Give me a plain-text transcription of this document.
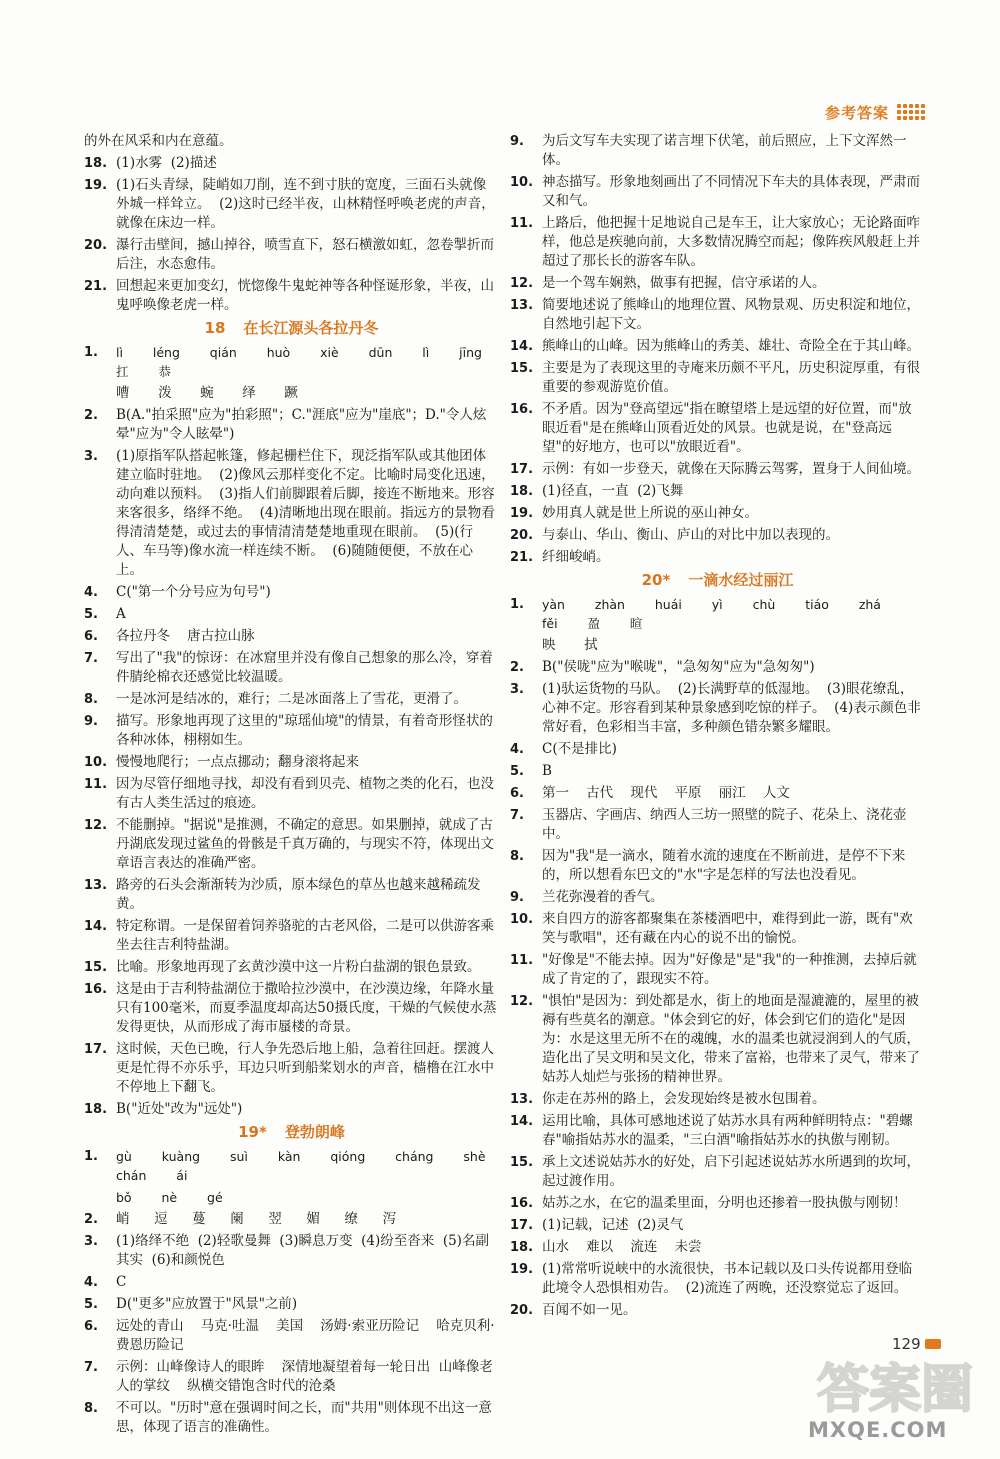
参考答案
的外在风采和内在意蕴。
18. (1)水雾  (2)描述
19. (1)石头青绿，陡峭如刀削，连不到寸肤的宽度，三面石头就像外城一样耸立。  (2)这时已经半夜，山林精怪呼唤老虎的声音，就像在床边一样。
20. 瀑行击壁间，撼山掉谷，喷雪直下，怒石横激如虹，忽卷掣折而后注，水态愈伟。
21. 回想起来更加变幻，恍惚像牛鬼蛇神等各种怪诞形象，半夜，山鬼呼唤像老虎一样。
18 在长江源头各拉丹冬
1.	lì   léng   qián   huò   xiè   dūn   lì   jīng   扛   恭
嘈  泼  蜿  绎  蹶
2.	B(A."拍采照"应为"拍彩照"；C."涯底"应为"崖底"；D."令人炫晕"应为"令人眩晕")
3.	(1)原指军队搭起帐篷，修起栅栏住下，现泛指军队或其他团体建立临时驻地。  (2)像风云那样变化不定。比喻时局变化迅速，动向难以预料。  (3)指人们前脚跟着后脚，接连不断地来。形容来客很多，络绎不绝。  (4)清晰地出现在眼前。指远方的景物看得清清楚楚，或过去的事情清清楚楚地重现在眼前。  (5)(行人、车马等)像水流一样连续不断。  (6)随随便便，不放在心上。
4.	C("第一个分号应为句号")
5.	A
6.	各拉丹冬    唐古拉山脉
7.	写出了"我"的惊讶：在冰窟里并没有像自己想象的那么冷，穿着件腈纶棉衣还感觉比较温暖。
8.	一是冰河是结冰的，难行；二是冰面落上了雪花，更滑了。
9.	描写。形象地再现了这里的"琼瑶仙境"的情景，有着奇形怪状的各种冰体，栩栩如生。
10. 慢慢地爬行；一点点挪动；翻身滚将起来
11. 因为尽管仔细地寻找，却没有看到贝壳、植物之类的化石，也没有古人类生活过的痕迹。
12. 不能删掉。"据说"是推测，不确定的意思。如果删掉，就成了古丹湖底发现过鲨鱼的骨骸是千真万确的，与现实不符，体现出文章语言表达的准确严密。
13. 路旁的石头会渐渐转为沙质，原本绿色的草丛也越来越稀疏发黄。
14. 特定称谓。一是保留着饲养骆驼的古老风俗，二是可以供游客乘坐去往吉利特盐湖。
15. 比喻。形象地再现了玄黄沙漠中这一片粉白盐湖的银色景致。
16. 这是由于吉利特盐湖位于撒哈拉沙漠中，在沙漠边缘，年降水量只有100毫米，而夏季温度却高达50摄氏度，干燥的气候使水蒸发得更快，从而形成了海市蜃楼的奇景。
17. 这时候，天色已晚，行人争先恐后地上船，急着往回赶。摆渡人更是忙得不亦乐乎，耳边只听到船桨划水的声音，樯橹在江水中不停地上下翻飞。
18. B("近处"改为"远处")
19* 登勃朗峰
1.	gù   kuàng   suì   kàn   qióng   cháng   shè   chán   ái
bǒ   nè   gé
2.	峭  逗  蔓  阑  翌  媚  缭  泻
3.	(1)络绎不绝  (2)轻歌曼舞  (3)瞬息万变  (4)纷至沓来  (5)名副其实  (6)和颜悦色
4.	C
5.	D("更多"应放置于"风景"之前)
6.	远处的青山    马克·吐温    美国    汤姆·索亚历险记    哈克贝利·费恩历险记
7.	示例：山峰像诗人的眼眸    深情地凝望着每一轮日出  山峰像老人的掌纹    纵横交错饱含时代的沧桑
8.	不可以。"历时"意在强调时间之长，而"共用"则体现不出这一意思，体现了语言的准确性。
9.	为后文写车夫实现了诺言埋下伏笔，前后照应，上下文浑然一体。
10. 神态描写。形象地刻画出了不同情况下车夫的具体表现，严肃而又和气。
11. 上路后，他把握十足地说自己是车王，让大家放心；无论路面咋样，他总是疾驰向前，大多数情况腾空而起；像阵疾风般赶上并超过了那长长的游客车队。
12. 是一个驾车娴熟，做事有把握，信守承诺的人。
13. 简要地述说了熊峰山的地理位置、风物景观、历史积淀和地位，自然地引起下文。
14. 熊峰山的山峰。因为熊峰山的秀美、雄壮、奇险全在于其山峰。
15. 主要是为了表现这里的寺庵来历颇不平凡，历史积淀厚重，有很重要的参观游览价值。
16. 不矛盾。因为"登高望远"指在瞭望塔上是远望的好位置，而"放眼近看"是在熊峰山顶看近处的风景。也就是说，在"登高远望"的好地方，也可以"放眼近看"。
17. 示例：有如一步登天，就像在天际腾云驾雾，置身于人间仙境。
18. (1)径直，一直  (2)飞舞
19. 妙用真人就是世上所说的巫山神女。
20. 与泰山、华山、衡山、庐山的对比中加以表现的。
21. 纤细峻峭。
20* 一滴水经过丽江
1.	yàn   zhàn   huái   yì   chù   tiáo   zhá   fěi   盈   暄
映  拭
2.	B("侯咙"应为"喉咙"，"急匆匆"应为"急匆匆")
3.	(1)驮运货物的马队。  (2)长满野草的低湿地。  (3)眼花缭乱，心神不定。形容看到某种景象感到吃惊的样子。  (4)表示颜色非常好看，色彩相当丰富，多种颜色错杂繁多耀眼。
4.	C(不是排比)
5.	B
6.	第一    古代    现代    平原    丽江    人文
7.	玉器店、字画店、纳西人三坊一照壁的院子、花朵上、浇花壶中。
8.	因为"我"是一滴水，随着水流的速度在不断前进，是停不下来的，所以想看东巴文的"水"字是怎样的写法也没看见。
9.	兰花弥漫着的香气。
10. 来自四方的游客都聚集在茶楼酒吧中，难得到此一游，既有"欢笑与歌唱"，还有藏在内心的说不出的愉悦。
11. "好像是"不能去掉。因为"好像是"是"我"的一种推测，去掉后就成了肯定的了，跟现实不符。
12. "惧怕"是因为：到处都是水，街上的地面是湿漉漉的，屋里的被褥有些莫名的潮意。"体会到它的好，体会到它们的造化"是因为：水是这里无所不在的魂魄，水的温柔也就浸润到人的气质，造化出了吴文明和吴文化，带来了富裕，也带来了灵气，带来了姑苏人灿烂与张扬的精神世界。
13. 你走在苏州的路上，会发现始终是被水包围着。
14. 运用比喻，具体可感地述说了姑苏水具有两种鲜明特点："碧螺春"喻指姑苏水的温柔，"三白酒"喻指姑苏水的执傲与刚韧。
15. 承上文述说姑苏水的好处，启下引起述说姑苏水所遇到的坎坷，起过渡作用。
16. 姑苏之水，在它的温柔里面，分明也还掺着一股执傲与刚韧！
17. (1)记载，记述  (2)灵气
18. 山水    难以    流连    未尝
19. (1)常常听说峡中的水流很快，书本记载以及口头传说都用登临此境令人恐惧相劝告。  (2)流连了两晚，还没察觉忘了返回。
20. 百闻不如一见。
129
答案圈
MXQE.COM
